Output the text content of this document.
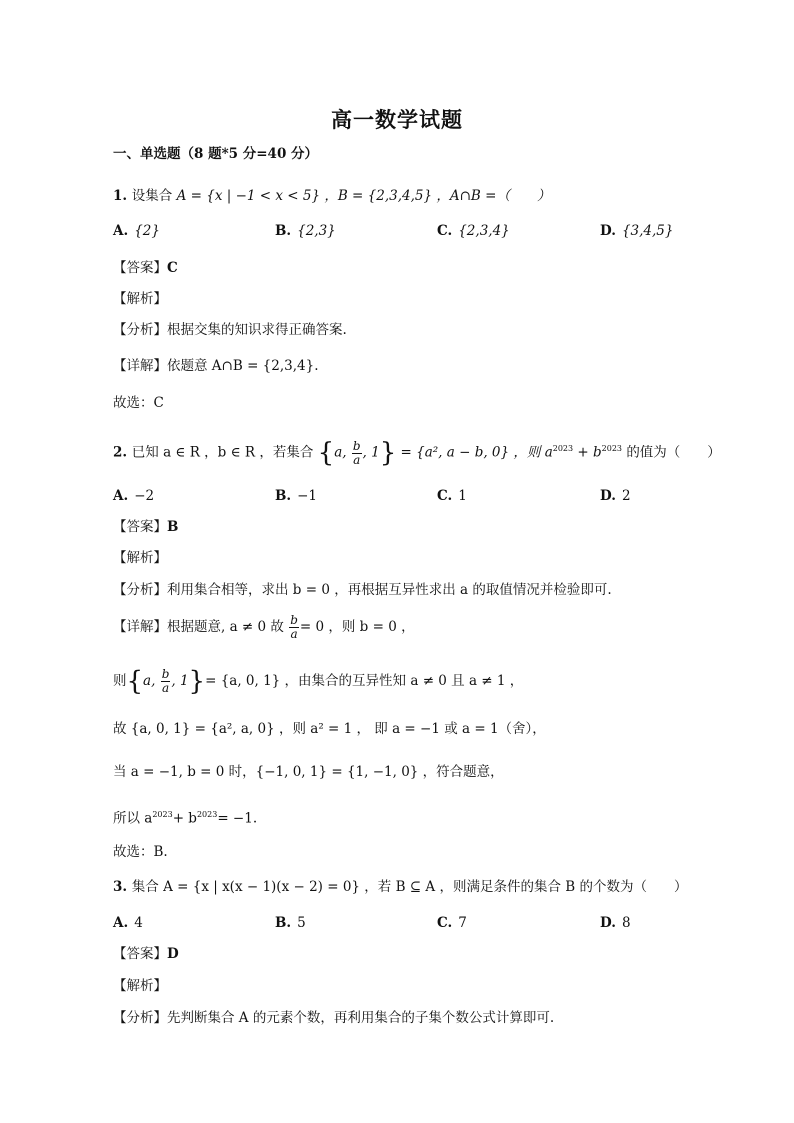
高一数学试题
一、单选题（8 题*5 分=40 分）
1. 设集合 A = {x | −1 < x < 5} ，B = {2,3,4,5} ，A∩B =（　　）
A. {2}	B. {2,3}	C. {2,3,4}	D. {3,4,5}
【答案】C
【解析】
【分析】根据交集的知识求得正确答案.
【详解】依题意 A∩B = {2,3,4}.
故选：C
2. 已知 a ∈ R ，b ∈ R ，若集合 {a, $\frac{b}{a}$ , 1} = {a², a − b, 0} ，则 $a^{2023} + b^{2023}$ 的值为（　　）
A. −2	B. −1	C. 1	D. 2
【答案】B
【解析】
【分析】利用集合相等，求出 b = 0 ，再根据互异性求出 a 的取值情况并检验即可.
【详解】根据题意, a ≠ 0 故 $\frac{b}{a} = 0$ ，则 b = 0 ，
则{a, $\frac{b}{a}$ , 1}= {a, 0, 1} ，由集合的互异性知 a ≠ 0 且 a ≠ 1 ，
故 {a, 0, 1} = {a², a, 0} ，则 a² = 1 ， 即 a = −1 或 a = 1（舍），
当 a = −1, b = 0 时，{−1, 0, 1} = {1, −1, 0} ，符合题意，
所以 $a^{2023}+ b^{2023}= -1$.
故选：B.
3. 集合 A = {x | x(x − 1)(x − 2) = 0} ，若 B ⊆ A ，则满足条件的集合 B 的个数为（　　）
A. 4	B. 5	C. 7	D. 8
【答案】D
【解析】
【分析】先判断集合 A 的元素个数，再利用集合的子集个数公式计算即可.
